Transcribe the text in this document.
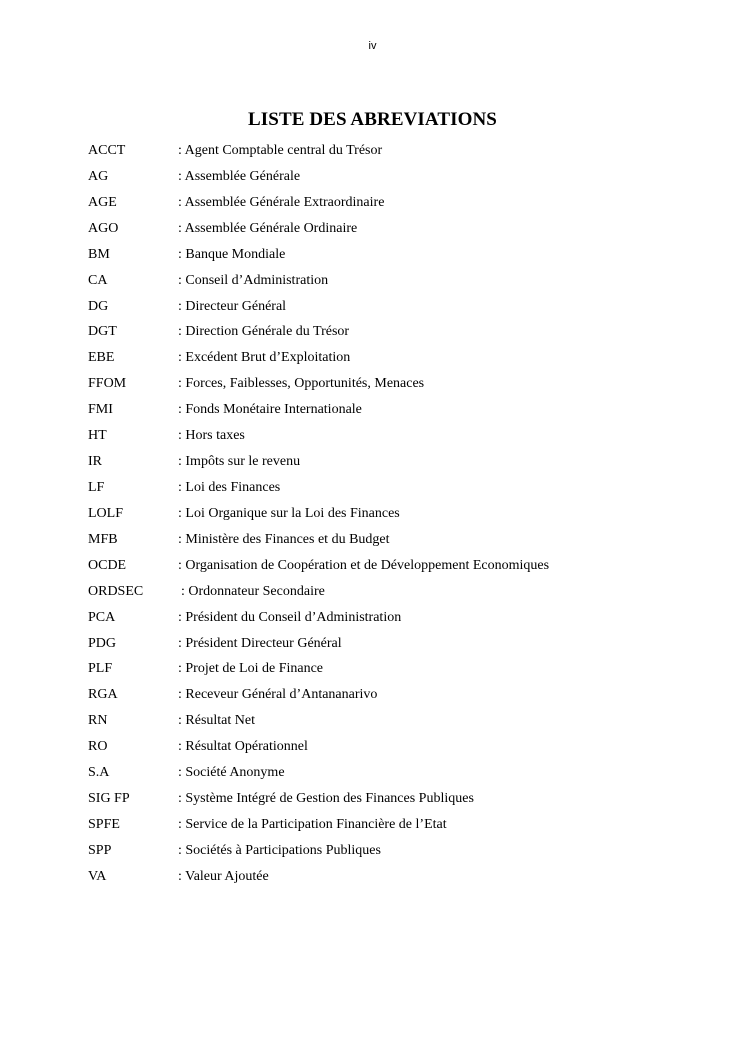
iv
LISTE DES ABREVIATIONS
ACCT	: Agent Comptable central du Trésor
AG	: Assemblée Générale
AGE	: Assemblée Générale Extraordinaire
AGO	: Assemblée Générale Ordinaire
BM	: Banque Mondiale
CA	: Conseil d’Administration
DG	: Directeur Général
DGT	: Direction Générale du Trésor
EBE	: Excédent Brut d’Exploitation
FFOM	: Forces, Faiblesses, Opportunités, Menaces
FMI	: Fonds Monétaire Internationale
HT	: Hors taxes
IR	: Impôts sur le revenu
LF	: Loi des Finances
LOLF	: Loi Organique sur la Loi des Finances
MFB	: Ministère des Finances et du Budget
OCDE	: Organisation de Coopération et de Développement Economiques
ORDSEC	: Ordonnateur Secondaire
PCA	: Président du Conseil d’Administration
PDG	: Président Directeur Général
PLF	: Projet de Loi de Finance
RGA	: Receveur Général d’Antananarivo
RN	: Résultat Net
RO	: Résultat Opérationnel
S.A	: Société Anonyme
SIG FP	: Système Intégré de Gestion des Finances Publiques
SPFE	: Service de la Participation Financière de l’Etat
SPP	: Sociétés à Participations Publiques
VA	: Valeur Ajoutée
